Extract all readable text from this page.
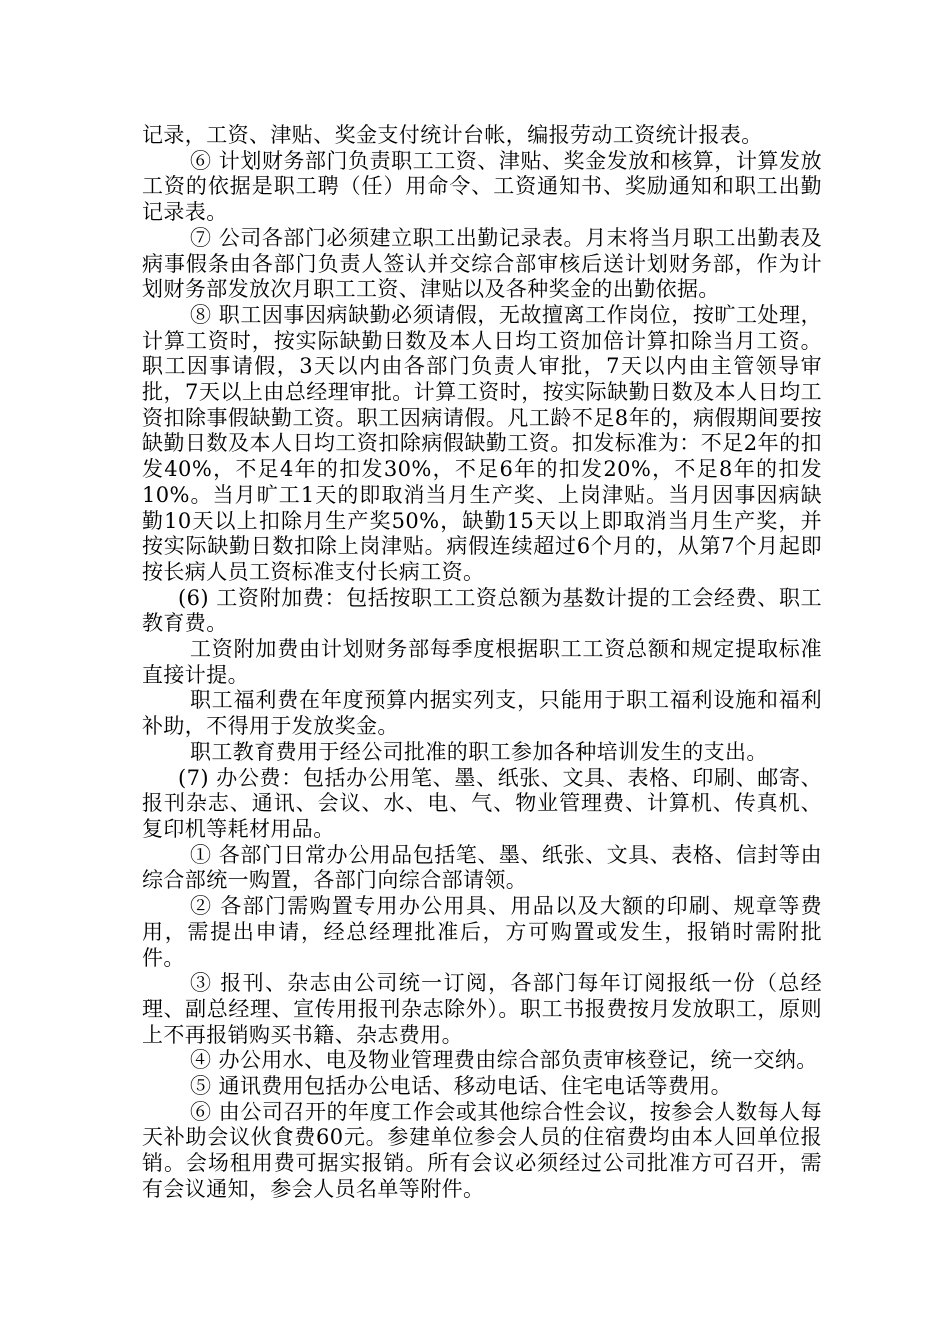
记录，工资、津贴、奖金支付统计台帐，编报劳动工资统计报表。

⑥ 计划财务部门负责职工工资、津贴、奖金发放和核算，计算发放工资的依据是职工聘（任）用命令、工资通知书、奖励通知和职工出勤记录表。

⑦ 公司各部门必须建立职工出勤记录表。月末将当月职工出勤表及病事假条由各部门负责人签认并交综合部审核后送计划财务部，作为计划财务部发放次月职工工资、津贴以及各种奖金的出勤依据。

⑧ 职工因事因病缺勤必须请假，无故擅离工作岗位，按旷工处理，计算工资时，按实际缺勤日数及本人日均工资加倍计算扣除当月工资。职工因事请假，3天以内由各部门负责人审批，7天以内由主管领导审批，7天以上由总经理审批。计算工资时，按实际缺勤日数及本人日均工资扣除事假缺勤工资。职工因病请假。凡工龄不足8年的，病假期间要按缺勤日数及本人日均工资扣除病假缺勤工资。扣发标准为：不足2年的扣发40%，不足4年的扣发30%，不足6年的扣发20%，不足8年的扣发10%。当月旷工1天的即取消当月生产奖、上岗津贴。当月因事因病缺勤10天以上扣除月生产奖50%，缺勤15天以上即取消当月生产奖，并按实际缺勤日数扣除上岗津贴。病假连续超过6个月的，从第7个月起即按长病人员工资标准支付长病工资。

(6) 工资附加费：包括按职工工资总额为基数计提的工会经费、职工教育费。

工资附加费由计划财务部每季度根据职工工资总额和规定提取标准直接计提。

职工福利费在年度预算内据实列支，只能用于职工福利设施和福利补助，不得用于发放奖金。

职工教育费用于经公司批准的职工参加各种培训发生的支出。

(7) 办公费：包括办公用笔、墨、纸张、文具、表格、印刷、邮寄、报刊杂志、通讯、会议、水、电、气、物业管理费、计算机、传真机、复印机等耗材用品。

① 各部门日常办公用品包括笔、墨、纸张、文具、表格、信封等由综合部统一购置，各部门向综合部请领。

② 各部门需购置专用办公用具、用品以及大额的印刷、规章等费用，需提出申请，经总经理批准后，方可购置或发生，报销时需附批件。

③ 报刊、杂志由公司统一订阅，各部门每年订阅报纸一份（总经理、副总经理、宣传用报刊杂志除外）。职工书报费按月发放职工，原则上不再报销购买书籍、杂志费用。

④ 办公用水、电及物业管理费由综合部负责审核登记，统一交纳。

⑤ 通讯费用包括办公电话、移动电话、住宅电话等费用。

⑥ 由公司召开的年度工作会或其他综合性会议，按参会人数每人每天补助会议伙食费60元。参建单位参会人员的住宿费均由本人回单位报销。会场租用费可据实报销。所有会议必须经过公司批准方可召开，需有会议通知，参会人员名单等附件。
